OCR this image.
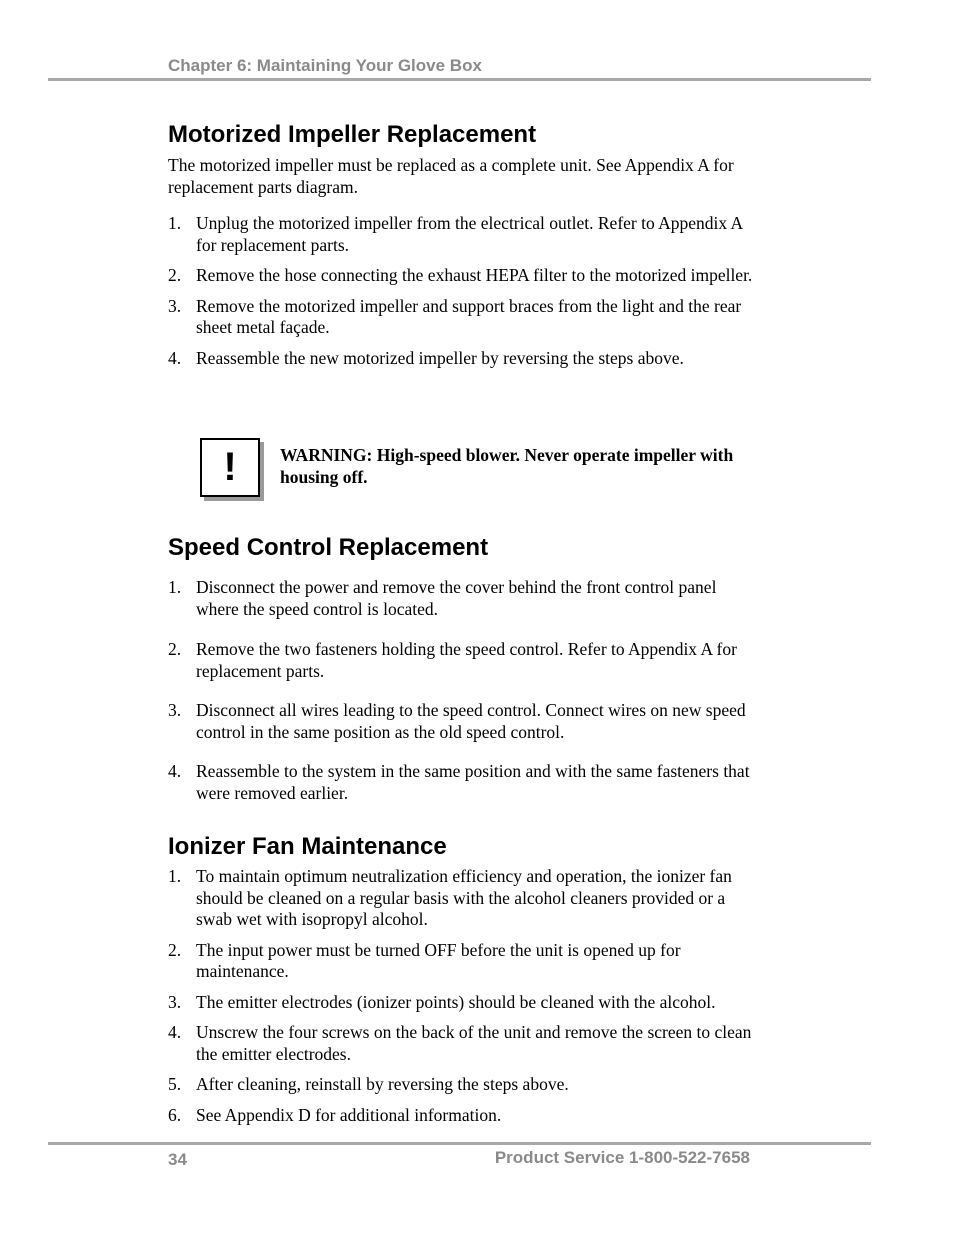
Chapter 6: Maintaining Your Glove Box
Motorized Impeller Replacement

The motorized impeller must be replaced as a complete unit. See Appendix A for replacement parts diagram.

1. Unplug the motorized impeller from the electrical outlet. Refer to Appendix A for replacement parts.
2. Remove the hose connecting the exhaust HEPA filter to the motorized impeller.
3. Remove the motorized impeller and support braces from the light and the rear sheet metal façade.
4. Reassemble the new motorized impeller by reversing the steps above.
! WARNING: High-speed blower. Never operate impeller with housing off.
Speed Control Replacement
1. Disconnect the power and remove the cover behind the front control panel where the speed control is located.
2. Remove the two fasteners holding the speed control. Refer to Appendix A for replacement parts.
3. Disconnect all wires leading to the speed control. Connect wires on new speed control in the same position as the old speed control.
4. Reassemble to the system in the same position and with the same fasteners that were removed earlier.
Ionizer Fan Maintenance
1. To maintain optimum neutralization efficiency and operation, the ionizer fan should be cleaned on a regular basis with the alcohol cleaners provided or a swab wet with isopropyl alcohol.
2. The input power must be turned OFF before the unit is opened up for maintenance.
3. The emitter electrodes (ionizer points) should be cleaned with the alcohol.
4. Unscrew the four screws on the back of the unit and remove the screen to clean the emitter electrodes.
5. After cleaning, reinstall by reversing the steps above.
6. See Appendix D for additional information.
34	Product Service 1-800-522-7658
